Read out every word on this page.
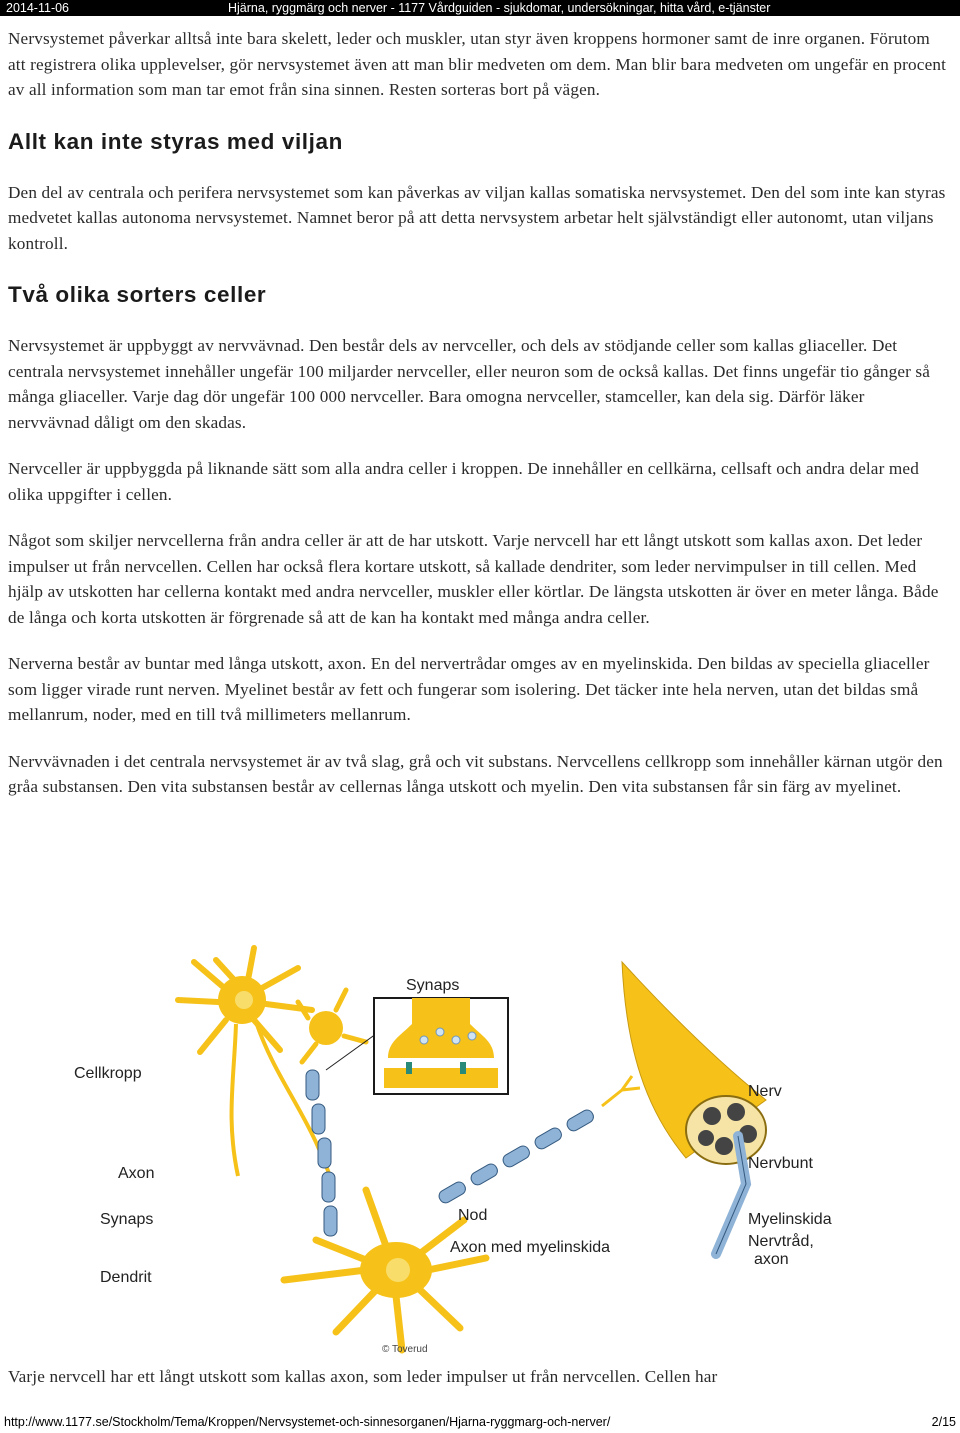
2014-11-06	Hjärna, ryggmärg och nerver - 1177 Vårdguiden - sjukdomar, undersökningar, hitta vård, e-tjänster

Nervsystemet påverkar alltså inte bara skelett, leder och muskler, utan styr även kroppens hormoner samt de inre organen. Förutom att registrera olika upplevelser, gör nervsystemet även att man blir medveten om dem. Man blir bara medveten om ungefär en procent av all information som man tar emot från sina sinnen. Resten sorteras bort på vägen.

Allt kan inte styras med viljan

Den del av centrala och perifera nervsystemet som kan påverkas av viljan kallas somatiska nervsystemet. Den del som inte kan styras medvetet kallas autonoma nervsystemet. Namnet beror på att detta nervsystem arbetar helt självständigt eller autonomt, utan viljans kontroll.

Två olika sorters celler

Nervsystemet är uppbyggt av nervvävnad. Den består dels av nervceller, och dels av stödjande celler som kallas gliaceller. Det centrala nervsystemet innehåller ungefär 100 miljarder nervceller, eller neuron som de också kallas. Det finns ungefär tio gånger så många gliaceller. Varje dag dör ungefär 100 000 nervceller. Bara omogna nervceller, stamceller, kan dela sig. Därför läker nervvävnad dåligt om den skadas.

Nervceller är uppbyggda på liknande sätt som alla andra celler i kroppen. De innehåller en cellkärna, cellsaft och andra delar med olika uppgifter i cellen.

Något som skiljer nervcellerna från andra celler är att de har utskott. Varje nervcell har ett långt utskott som kallas axon. Det leder impulser ut från nervcellen. Cellen har också flera kortare utskott, så kallade dendriter, som leder nervimpulser in till cellen. Med hjälp av utskotten har cellerna kontakt med andra nervceller, muskler eller körtlar. De längsta utskotten är över en meter långa. Både de långa och korta utskotten är förgrenade så att de kan ha kontakt med många andra celler.

Nerverna består av buntar med långa utskott, axon. En del nervertrådar omges av en myelinskida. Den bildas av speciella gliaceller som ligger virade runt nerven. Myelinet består av fett och fungerar som isolering. Det täcker inte hela nerven, utan det bildas små mellanrum, noder, med en till två millimeters mellanrum.

Nervvävnaden i det centrala nervsystemet är av två slag, grå och vit substans. Nervcellens cellkropp som innehåller kärnan utgör den gråa substansen. Den vita substansen består av cellernas långa utskott och myelin. Den vita substansen får sin färg av myelinet.

Cellkropp
Axon
Synaps
Dendrit
Synaps
Nod
Axon med myelinskida
Nerv
Nervbunt
Myelinskida
Nervtråd,
axon
© Toverud

Varje nervcell har ett långt utskott som kallas axon, som leder impulser ut från nervcellen. Cellen har

http://www.1177.se/Stockholm/Tema/Kroppen/Nervsystemet-och-sinnesorganen/Hjarna-ryggmarg-och-nerver/	2/15
